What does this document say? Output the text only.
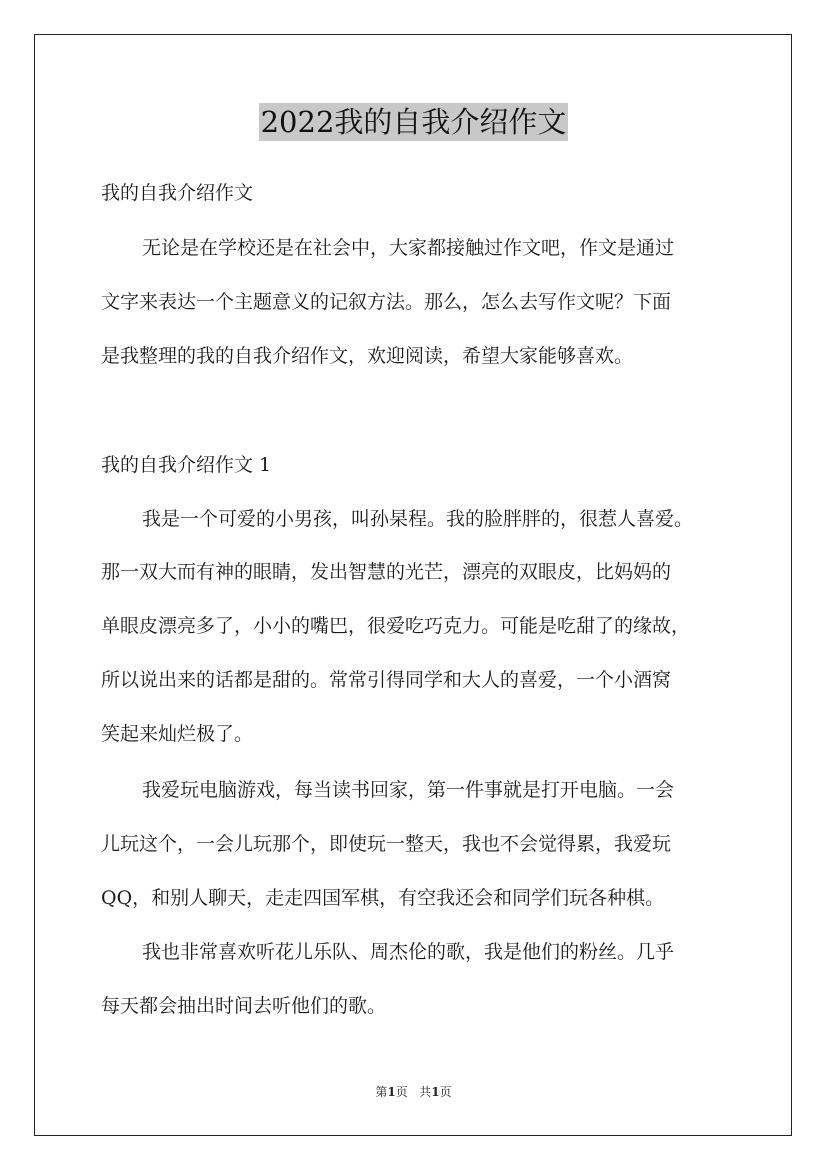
2022我的自我介绍作文
我的自我介绍作文
无论是在学校还是在社会中，大家都接触过作文吧，作文是通过
文字来表达一个主题意义的记叙方法。那么，怎么去写作文呢？下面
是我整理的我的自我介绍作文，欢迎阅读，希望大家能够喜欢。
我的自我介绍作文 1
我是一个可爱的小男孩，叫孙杲程。我的脸胖胖的，很惹人喜爱。
那一双大而有神的眼睛，发出智慧的光芒，漂亮的双眼皮，比妈妈的
单眼皮漂亮多了，小小的嘴巴，很爱吃巧克力。可能是吃甜了的缘故，
所以说出来的话都是甜的。常常引得同学和大人的喜爱，一个小酒窝
笑起来灿烂极了。
我爱玩电脑游戏，每当读书回家，第一件事就是打开电脑。一会
儿玩这个，一会儿玩那个，即使玩一整天，我也不会觉得累，我爱玩
QQ，和别人聊天，走走四国军棋，有空我还会和同学们玩各种棋。
我也非常喜欢听花儿乐队、周杰伦的歌，我是他们的粉丝。几乎
每天都会抽出时间去听他们的歌。
第1页 共1页
